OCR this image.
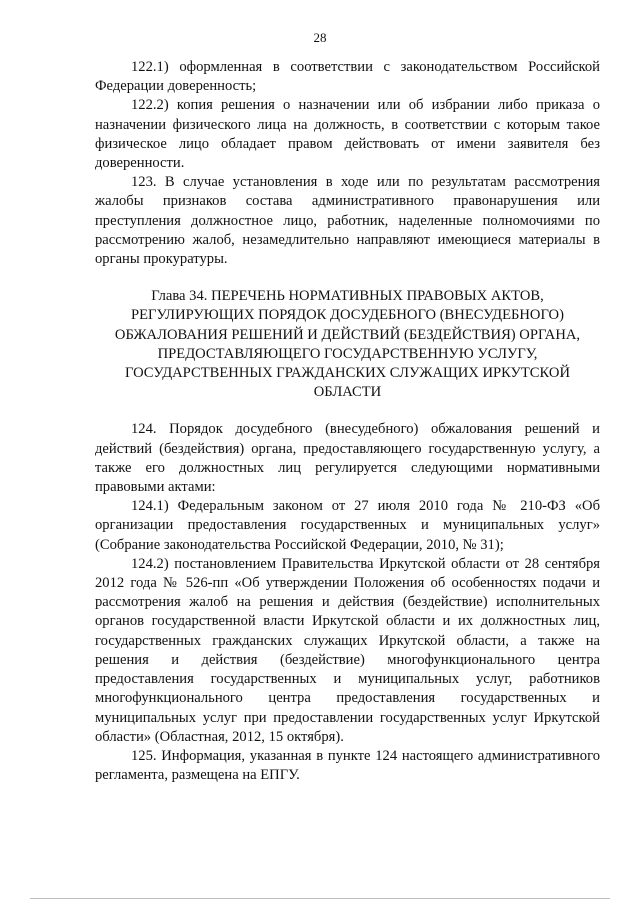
28

122.1) оформленная в соответствии с законодательством Российской Федерации доверенность;

122.2) копия решения о назначении или об избрании либо приказа о назначении физического лица на должность, в соответствии с которым такое физическое лицо обладает правом действовать от имени заявителя без доверенности.

123. В случае установления в ходе или по результатам рассмотрения жалобы признаков состава административного правонарушения или преступления должностное лицо, работник, наделенные полномочиями по рассмотрению жалоб, незамедлительно направляют имеющиеся материалы в органы прокуратуры.

Глава 34. ПЕРЕЧЕНЬ НОРМАТИВНЫХ ПРАВОВЫХ АКТОВ,
РЕГУЛИРУЮЩИХ ПОРЯДОК ДОСУДЕБНОГО (ВНЕСУДЕБНОГО)
ОБЖАЛОВАНИЯ РЕШЕНИЙ И ДЕЙСТВИЙ (БЕЗДЕЙСТВИЯ) ОРГАНА,
ПРЕДОСТАВЛЯЮЩЕГО ГОСУДАРСТВЕННУЮ УСЛУГУ,
ГОСУДАРСТВЕННЫХ ГРАЖДАНСКИХ СЛУЖАЩИХ ИРКУТСКОЙ
ОБЛАСТИ

124. Порядок досудебного (внесудебного) обжалования решений и действий (бездействия) органа, предоставляющего государственную услугу, а также его должностных лиц регулируется следующими нормативными правовыми актами:

124.1) Федеральным законом от 27 июля 2010 года № 210-ФЗ «Об организации предоставления государственных и муниципальных услуг» (Собрание законодательства Российской Федерации, 2010, № 31);

124.2) постановлением Правительства Иркутской области от 28 сентября 2012 года № 526-пп «Об утверждении Положения об особенностях подачи и рассмотрения жалоб на решения и действия (бездействие) исполнительных органов государственной власти Иркутской области и их должностных лиц, государственных гражданских служащих Иркутской области, а также на решения и действия (бездействие) многофункционального центра предоставления государственных и муниципальных услуг, работников многофункционального центра предоставления государственных и муниципальных услуг при предоставлении государственных услуг Иркутской области» (Областная, 2012, 15 октября).

125. Информация, указанная в пункте 124 настоящего административного регламента, размещена на ЕПГУ.
